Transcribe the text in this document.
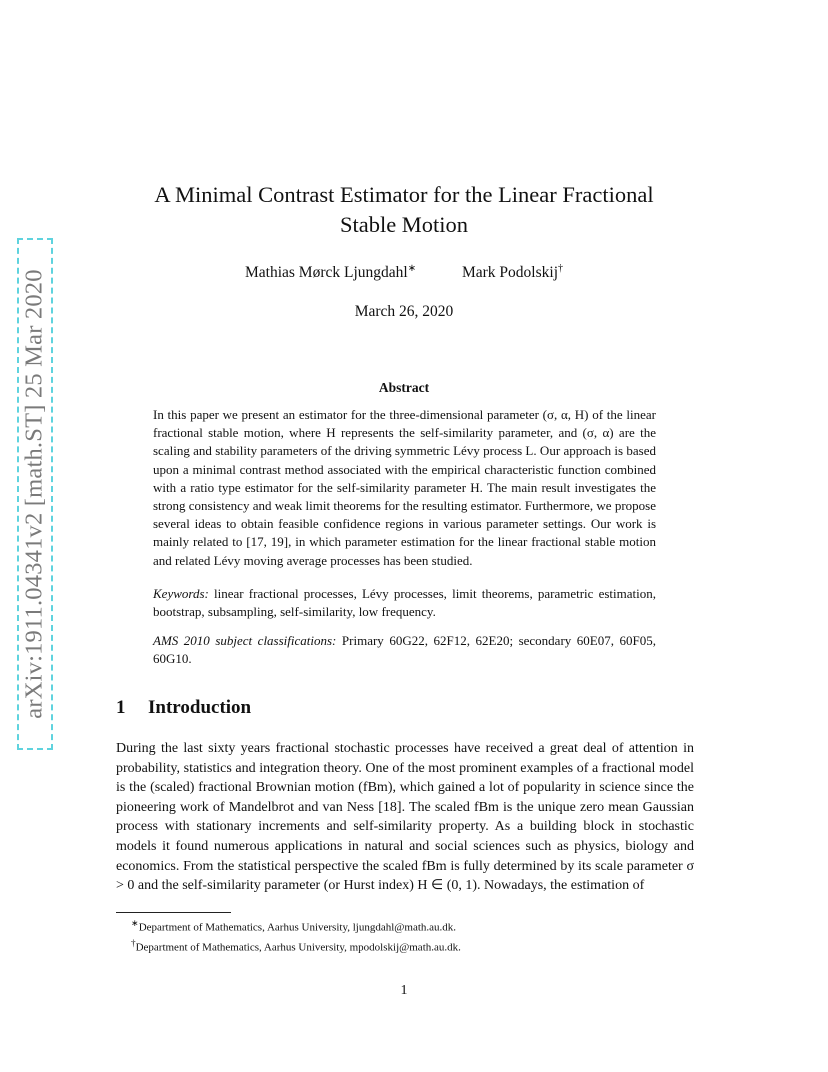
arXiv:1911.04341v2 [math.ST] 25 Mar 2020
A Minimal Contrast Estimator for the Linear Fractional
Stable Motion
Mathias Mørck Ljungdahl∗	Mark Podolskij†
March 26, 2020
Abstract

In this paper we present an estimator for the three-dimensional parameter (σ, α, H) of the linear fractional stable motion, where H represents the self-similarity parameter, and (σ, α) are the scaling and stability parameters of the driving symmetric Lévy process L. Our approach is based upon a minimal contrast method associated with the empirical characteristic function combined with a ratio type estimator for the self-similarity parameter H. The main result investigates the strong consistency and weak limit theorems for the resulting estimator. Furthermore, we propose several ideas to obtain feasible confidence regions in various parameter settings. Our work is mainly related to [17, 19], in which parameter estimation for the linear fractional stable motion and related Lévy moving average processes has been studied.

Keywords: linear fractional processes, Lévy processes, limit theorems, parametric estimation, bootstrap, subsampling, self-similarity, low frequency.

AMS 2010 subject classifications: Primary 60G22, 62F12, 62E20; secondary 60E07, 60F05, 60G10.

1 Introduction

During the last sixty years fractional stochastic processes have received a great deal of attention in probability, statistics and integration theory. One of the most prominent examples of a fractional model is the (scaled) fractional Brownian motion (fBm), which gained a lot of popularity in science since the pioneering work of Mandelbrot and van Ness [18]. The scaled fBm is the unique zero mean Gaussian process with stationary increments and self-similarity property. As a building block in stochastic models it found numerous applications in natural and social sciences such as physics, biology and economics. From the statistical perspective the scaled fBm is fully determined by its scale parameter σ > 0 and the self-similarity parameter (or Hurst index) H ∈ (0, 1). Nowadays, the estimation of

∗Department of Mathematics, Aarhus University, ljungdahl@math.au.dk.
†Department of Mathematics, Aarhus University, mpodolskij@math.au.dk.
1
